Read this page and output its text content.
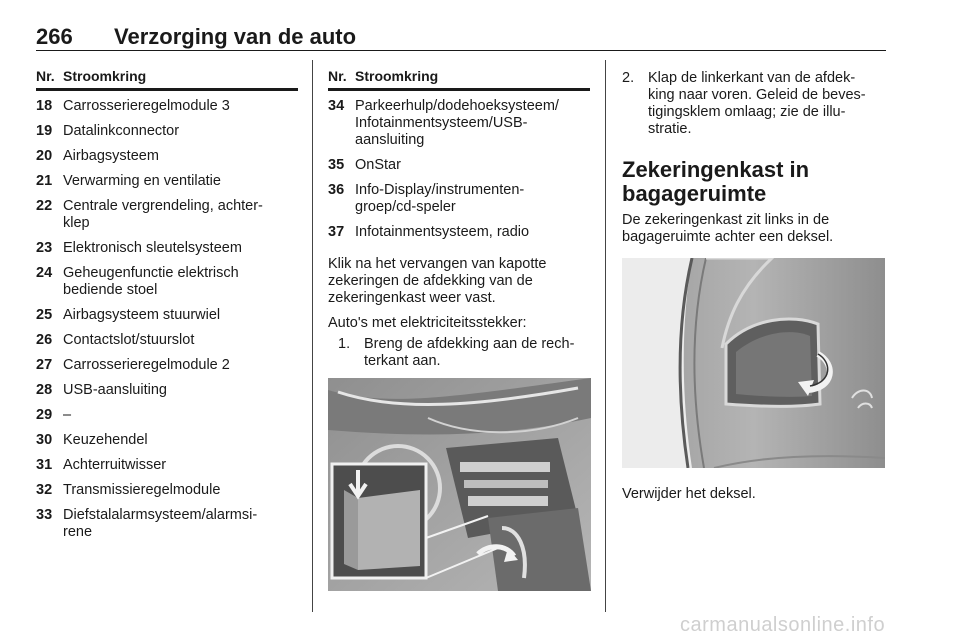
266 Verzorging van de auto
Nr. Stroomkring
18 Carrosserieregelmodule 3
19 Datalinkconnector
20 Airbagsysteem
21 Verwarming en ventilatie
22 Centrale vergrendeling, achter-
klep
23 Elektronisch sleutelsysteem
24 Geheugenfunctie elektrisch
bediende stoel
25 Airbagsysteem stuurwiel
26 Contactslot/stuurslot
27 Carrosserieregelmodule 2
28 USB-aansluiting
29 –
30 Keuzehendel
31 Achterruitwisser
32 Transmissieregelmodule
33 Diefstalalarmsysteem/alarmsi-
rene
Nr. Stroomkring
34 Parkeerhulp/dodehoeksysteem/
Infotainmentsysteem/USB-
aansluiting
35 OnStar
36 Info-Display/instrumenten-
groep/cd-speler
37 Infotainmentsysteem, radio

Klik na het vervangen van kapotte
zekeringen de afdekking van de
zekeringenkast weer vast.

Auto's met elektriciteitsstekker:

1. Breng de afdekking aan de rech-
terkant aan.
2. Klap de linkerkant van de afdek-
king naar voren. Geleid de beves-
tigingsklem omlaag; zie de illu-
stratie.
Zekeringenkast in
bagageruimte

De zekeringenkast zit links in de
bagageruimte achter een deksel.

Verwijder het deksel.

carmanualsonline.info
